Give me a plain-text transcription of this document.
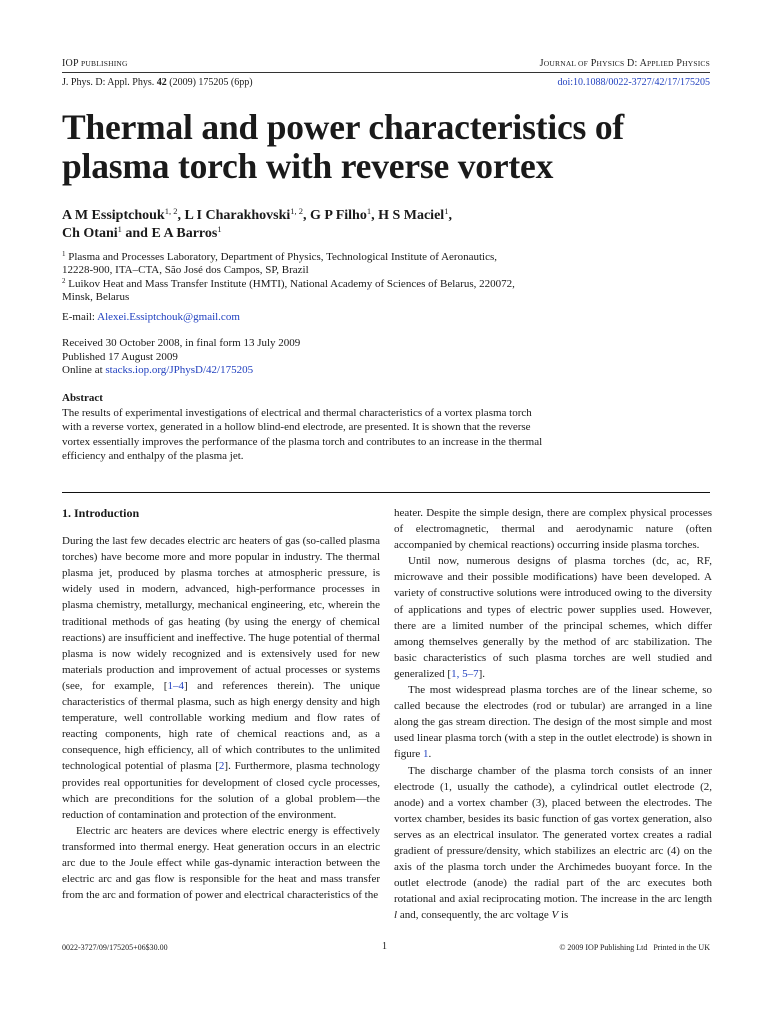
IOP PUBLISHING	JOURNAL OF PHYSICS D: APPLIED PHYSICS
J. Phys. D: Appl. Phys. 42 (2009) 175205 (6pp)	doi:10.1088/0022-3727/42/17/175205
Thermal and power characteristics of
plasma torch with reverse vortex
A M Essiptchouk$^{1, 2}$, L I Charakhovski$^{1, 2}$, G P Filho$^1$, H S Maciel$^1$,
Ch Otani$^1$ and E A Barros$^1$

$^1$ Plasma and Processes Laboratory, Department of Physics, Technological Institute of Aeronautics,
12228-900, ITA–CTA, São José dos Campos, SP, Brazil

$^2$ Luikov Heat and Mass Transfer Institute (HMTI), National Academy of Sciences of Belarus, 220072,
Minsk, Belarus

E-mail: Alexei.Essiptchouk@gmail.com
Received 30 October 2008, in final form 13 July 2009
Published 17 August 2009
Online at stacks.iop.org/JPhysD/42/175205
Abstract
The results of experimental investigations of electrical and thermal characteristics of a vortex plasma torch with a reverse vortex, generated in a hollow blind-end electrode, are presented. It is shown that the reverse vortex essentially improves the performance of the plasma torch and contributes to an increase in the thermal efficiency and enthalpy of the plasma jet.

1. Introduction

During the last few decades electric arc heaters of gas (so-called plasma torches) have become more and more popular in industry. The thermal plasma jet, produced by plasma torches at atmospheric pressure, is widely used in modern, advanced, high-performance processes in plasma chemistry, metallurgy, mechanical engineering, etc, wherein the traditional methods of gas heating (by using the energy of chemical reactions) are insufficient and ineffective. The huge potential of thermal plasma is now widely recognized and is extensively used for new materials production and improvement of actual processes or systems (see, for example, [1–4] and references therein). The unique characteristics of thermal plasma, such as high energy density and high temperature, well controllable working medium and flow rates of reacting components, high rate of chemical reactions and, as a consequence, high efficiency, all of which contributes to the unlimited technological potential of plasma [2]. Furthermore, plasma technology provides real opportunities for development of closed cycle processes, which are preconditions for the solution of a global problem—the reduction of contamination and protection of the environment.

Electric arc heaters are devices where electric energy is effectively transformed into thermal energy. Heat generation occurs in an electric arc due to the Joule effect while gas-dynamic interaction between the electric arc and gas flow is responsible for the heat and mass transfer from the arc and formation of power and electrical characteristics of the

heater. Despite the simple design, there are complex physical processes of electromagnetic, thermal and aerodynamic nature (often accompanied by chemical reactions) occurring inside plasma torches.

Until now, numerous designs of plasma torches (dc, ac, RF, microwave and their possible modifications) have been developed. A variety of constructive solutions were introduced owing to the diversity of applications and types of electric power supplies used. However, there are a limited number of the principal schemes, which differ among themselves generally by the method of arc stabilization. The basic characteristics of such plasma torches are well studied and generalized [1, 5–7].

The most widespread plasma torches are of the linear scheme, so called because the electrodes (rod or tubular) are arranged in a line along the gas stream direction. The design of the most simple and most used linear plasma torch (with a step in the outlet electrode) is shown in figure 1.

The discharge chamber of the plasma torch consists of an inner electrode (1, usually the cathode), a cylindrical outlet electrode (2, anode) and a vortex chamber (3), placed between the electrodes. The vortex chamber, besides its basic function of gas vortex generation, also serves as an electrical insulator. The generated vortex creates a radial gradient of pressure/density, which stabilizes an electric arc (4) on the axis of the plasma torch under the Archimedes buoyant force. In the outlet electrode (anode) the radial part of the arc executes both rotational and axial reciprocating motion. The increase in the arc length l and, consequently, the arc voltage V is

0022-3727/09/175205+06$30.00	1	© 2009 IOP Publishing Ltd Printed in the UK
